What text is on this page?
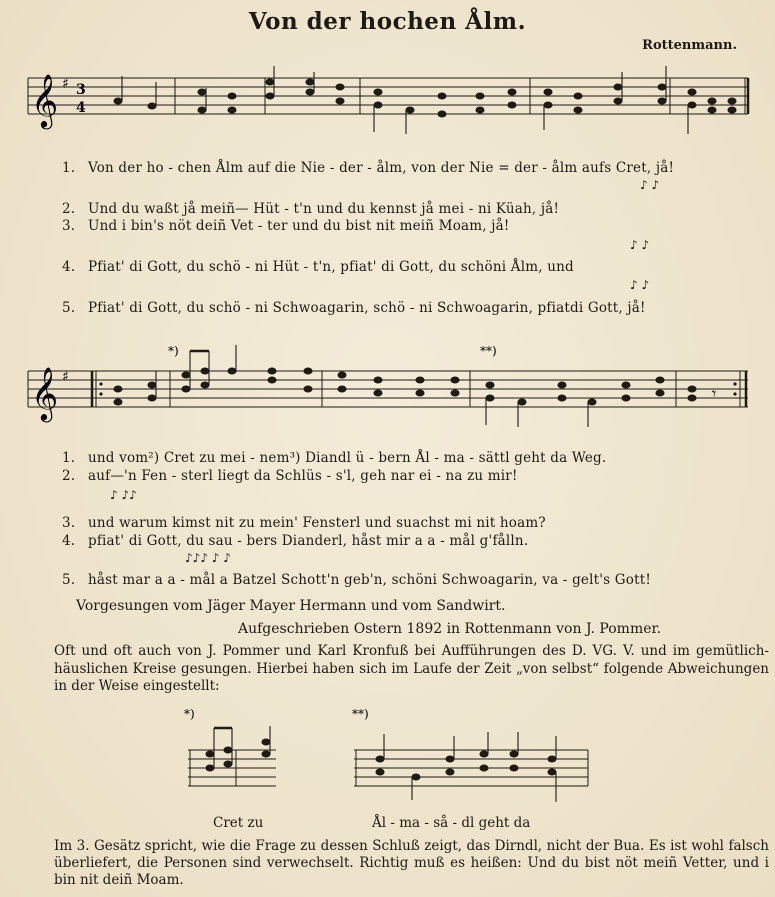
Von der hochen Ålm.
Rottenmann.
𝄞 ♯ 3
4
1. Von der ho - chen Ålm auf die Nie - der - ålm, von der Nie = der - ålm aufs Cret, jå!
♪ ♪
2. Und du waßt jå meiñ— Hüt - t'n und du kennst jå mei - ni Küah, jå!
3. Und i bin's nöt deiñ Vet - ter und du bist nit meiñ Moam, jå!
♪ ♪
4. Pfiat' di Gott, du schö - ni Hüt - t'n, pfiat' di Gott, du schöni Ålm, und
♪ ♪
5. Pfiat' di Gott, du schö - ni Schwoagarin, schö - ni Schwoagarin, pfiatdi Gott, jå!
*)	**)
𝄞 ♯
𝄾
1. und vom²) Cret zu mei - nem³) Diandl ü - bern Ål - ma - sättl geht da Weg.
2. auf—'n Fen - sterl liegt da Schlüs - s'l, geh nar ei - na zu mir!
♪ ♪♪
3. und warum kimst nit zu mein' Fensterl und suachst mi nit hoam?
4. pfiat' di Gott, du sau - bers Dianderl, håst mir a a - mål g'fålln.
♪♪♪ ♪ ♪
5. håst mar a a - mål a Batzel Schott'n geb'n, schöni Schwoagarin, va - gelt's Gott!
Vorgesungen vom Jäger Mayer Hermann und vom Sandwirt.
Aufgeschrieben Ostern 1892 in Rottenmann von J. Pommer.
Oft und oft auch von J. Pommer und Karl Kronfuß bei Aufführungen des D. VG. V. und im gemütlich-häuslichen Kreise gesungen. Hierbei haben sich im Laufe der Zeit „von selbst“ folgende Abweichungen in der Weise eingestellt:
*)
Cret zu
**)
Ål - ma - så - dl geht da
Im 3. Gesätz spricht, wie die Frage zu dessen Schluß zeigt, das Dirndl, nicht der Bua. Es ist wohl falsch überliefert, die Personen sind verwechselt. Richtig muß es heißen: Und du bist nöt meiñ Vetter, und i bin nit deiñ Moam.
